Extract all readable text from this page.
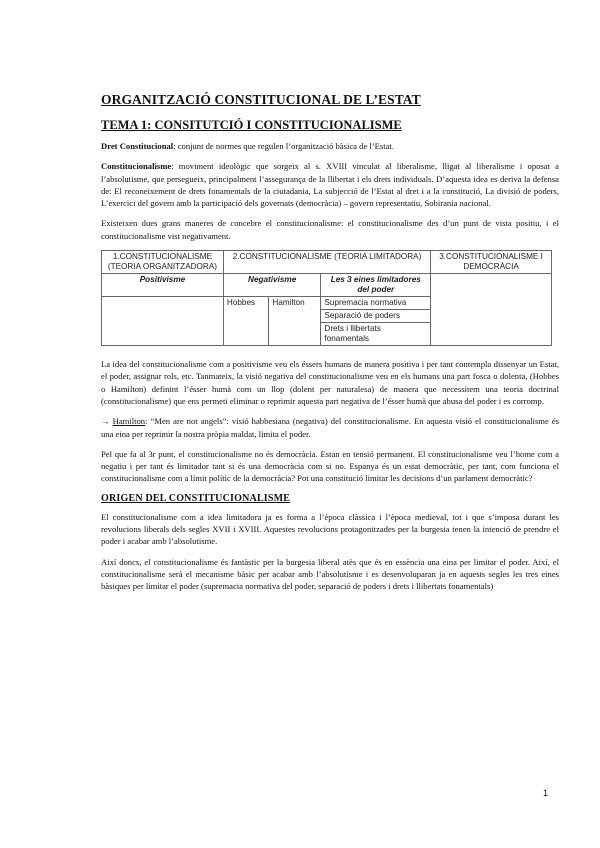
ORGANITZACIÓ CONSTITUCIONAL DE L’ESTAT
TEMA 1: CONSITUTCIÓ I CONSTITUCIONALISME

Dret Constitucional: conjunt de normes que regulen l’organització bàsica de l’Estat.

Constitucionalisme: moviment ideològic que sorgeix al s. XVIII vinculat al liberalisme, lligat al liberalisme i oposat a l’absolutisme, que persegueix, principalment l’assegurança de la llibertat i els drets individuals. D’aquesta idea es deriva la defensa de: El reconeixement de drets fonamentals de la ciutadania, La subjecció de l’Estat al dret i a la constitució, La divisió de poders, L’exercici del govern amb la participació dels governats (democràcia) – govern representatiu, Sobirania nacional.

Existeixen dues grans maneres de concebre el constitucionalisme: el constitucionalisme des d’un punt de vista positiu, i el constitucionalisme vist negativament.

1.CONSTITUCIONALISME (TEORIA ORGANITZADORA)	2.CONSTITUCIONALISME (TEORIA LIMITADORA)			3.CONSTITUCIONALISME I DEMOCRÀCIA
Positivisme	Negativisme		Les 3 eines limitadores del poder	
	Hobbes	Hamilton	Supremacia normativa	
			Separació de poders	
			Drets i llibertats fonamentals	

La idea del constitucionalisme com a positivisme veu els éssers humans de manera positiva i per tant contempla dissenyar un Estat, el poder, assignar rols, etc. Tanmateix, la visió negativa del constitucionalisme veu en els humans una part fosca o dolenta, (Hobbes o Hamilton) definint l’ésser humà com un llop (dolent per naturalesa) de manera que necessitem una teoria doctrinal (constitucionalisme) que ens permeti eliminar o reprimir aquesta part negativa de l’ésser humà que abusa del poder i es corromp.

→ Hamilton: “Men are not angels”: visió habbesiana (negativa) del constitucionalisme. En aquesta visió el constitucionalisme és una eina per reprimir la nostra pròpia maldat, limita el poder.

Pel que fa al 3r punt, el constitucionalisme no és democràcia. Estan en tensió permanent. El constitucionalisme veu l’home com a negatiu i per tant és limitador tant si és una democràcia com si no. Espanya és un estat democràtic, per tant, com funciona el constitucionalisme com a límit polític de la democràcia? Pot una constitució limitar les decisions d’un parlament democràtic?

ORIGEN DEL CONSTITUCIONALISME

El constitucionalisme com a idea limitadora ja es forma a l’època clàssica i l’època medieval, tot i que s’imposa durant les revolucions liberals dels segles XVII i XVIII. Aquestes revolucions protagonitzades per la burgesia tenen la intenció de prendre el poder i acabar amb l’absolutisme.

Així doncs, el constitucionalisme és fantàstic per la burgesia liberal atès que és en essència una eina per limitar el poder. Així, el constitucionalisme serà el mecanisme bàsic per acabar amb l’absolutisme i es desenvoluparan ja en aquests segles les tres eines bàsiques per limitar el poder (supremacia normativa del poder, separació de poders i drets i llibertats fonamentals)

1
